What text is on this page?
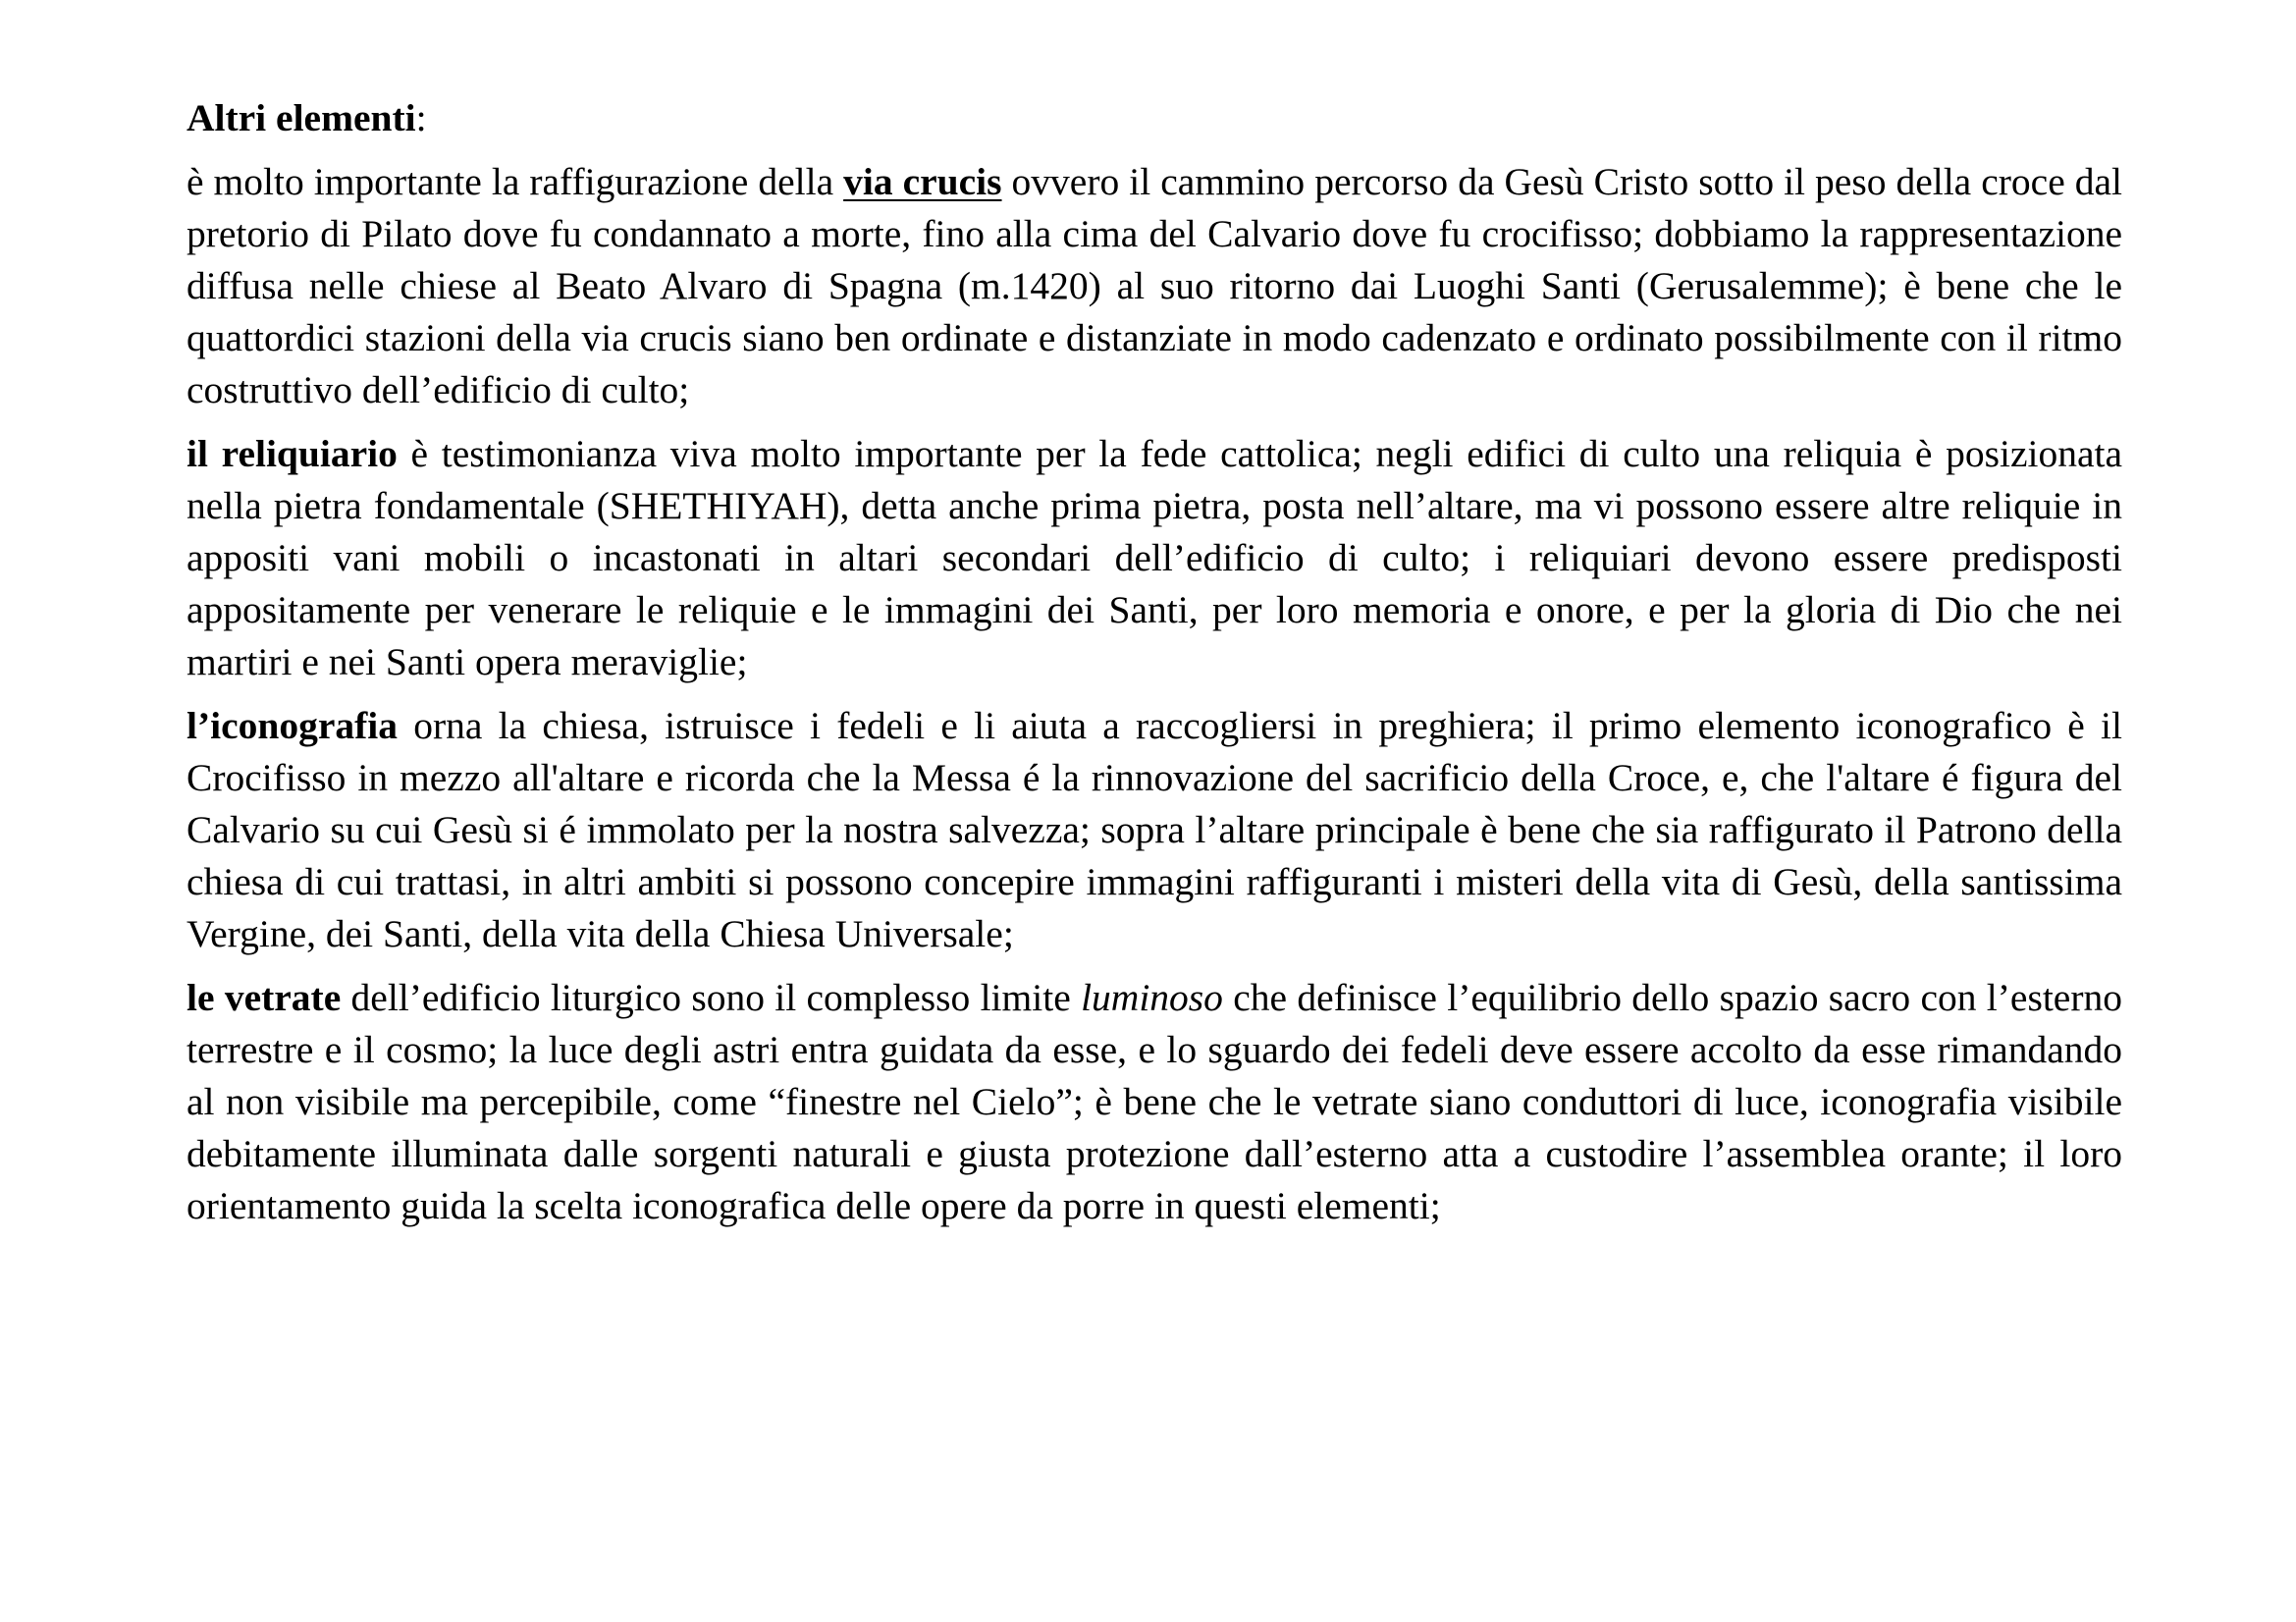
Altri elementi:

è molto importante la raffigurazione della via crucis ovvero il cammino percorso da Gesù Cristo sotto il peso della croce dal pretorio di Pilato dove fu condannato a morte, fino alla cima del Calvario dove fu crocifisso; dobbiamo la rappresentazione diffusa nelle chiese al Beato Alvaro di Spagna (m.1420) al suo ritorno dai Luoghi Santi (Gerusalemme); è bene che le quattordici stazioni della via crucis siano ben ordinate e distanziate in modo cadenzato e ordinato possibilmente con il ritmo costruttivo dell’edificio di culto;

il reliquiario è testimonianza viva molto importante per la fede cattolica; negli edifici di culto una reliquia è posizionata nella pietra fondamentale (SHETHIYAH), detta anche prima pietra, posta nell’altare, ma vi possono essere altre reliquie in appositi vani mobili o incastonati in altari secondari dell’edificio di culto; i reliquiari devono essere predisposti appositamente per venerare le reliquie e le immagini dei Santi, per loro memoria e onore, e per la gloria di Dio che nei martiri e nei Santi opera meraviglie;

l’iconografia orna la chiesa, istruisce i fedeli e li aiuta a raccogliersi in preghiera; il primo elemento iconografico è il Crocifisso in mezzo all'altare e ricorda che la Messa é la rinnovazione del sacrificio della Croce, e, che l'altare é figura del Calvario su cui Gesù si é immolato per la nostra salvezza; sopra l’altare principale è bene che sia raffigurato il Patrono della chiesa di cui trattasi, in altri ambiti si possono concepire immagini raffiguranti i misteri della vita di Gesù, della santissima Vergine, dei Santi, della vita della Chiesa Universale;

le vetrate dell’edificio liturgico sono il complesso limite luminoso che definisce l’equilibrio dello spazio sacro con l’esterno terrestre e il cosmo; la luce degli astri entra guidata da esse, e lo sguardo dei fedeli deve essere accolto da esse rimandando al non visibile ma percepibile, come “finestre nel Cielo”; è bene che le vetrate siano conduttori di luce, iconografia visibile debitamente illuminata dalle sorgenti naturali e giusta protezione dall’esterno atta a custodire l’assemblea orante; il loro orientamento guida la scelta iconografica delle opere da porre in questi elementi;
